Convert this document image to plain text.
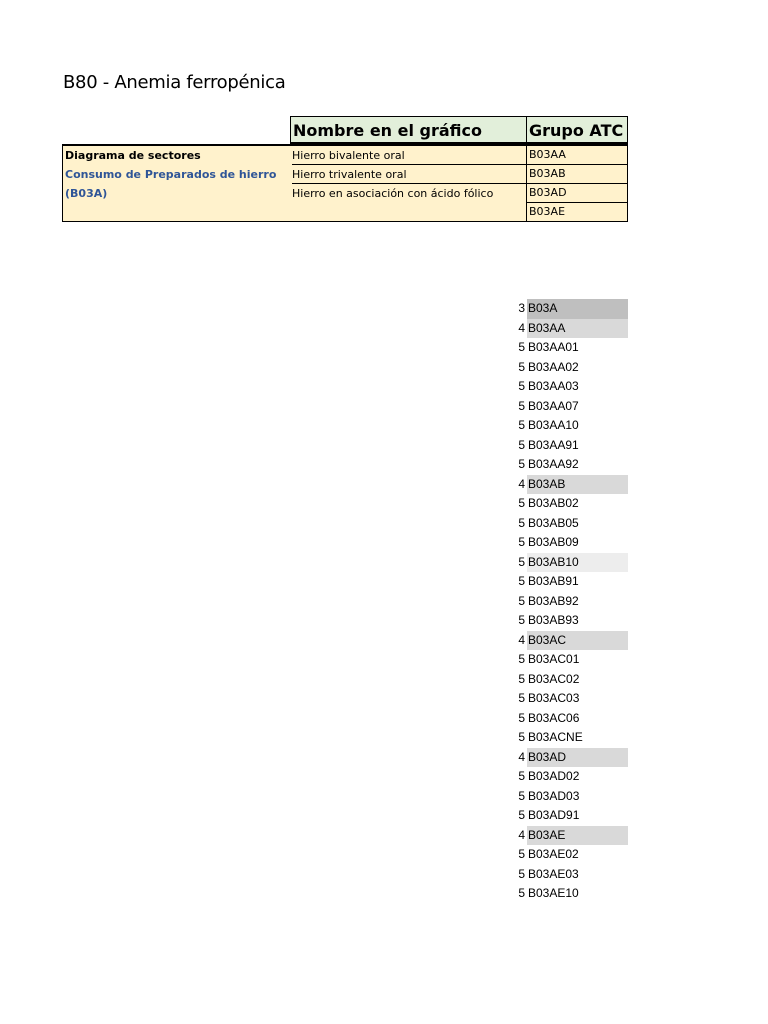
B80 - Anemia ferropénica
Nombre en el gráfico	Grupo ATC
Diagrama de sectores
Consumo de Preparados de hierro
(B03A)
Hierro bivalente oral
Hierro trivalente oral
Hierro en asociación con ácido fólico
B03AA
B03AB
B03AD
B03AE
3 B03A
4 B03AA
5 B03AA01
5 B03AA02
5 B03AA03
5 B03AA07
5 B03AA10
5 B03AA91
5 B03AA92
4 B03AB
5 B03AB02
5 B03AB05
5 B03AB09
5 B03AB10
5 B03AB91
5 B03AB92
5 B03AB93
4 B03AC
5 B03AC01
5 B03AC02
5 B03AC03
5 B03AC06
5 B03ACNE
4 B03AD
5 B03AD02
5 B03AD03
5 B03AD91
4 B03AE
5 B03AE02
5 B03AE03
5 B03AE10
